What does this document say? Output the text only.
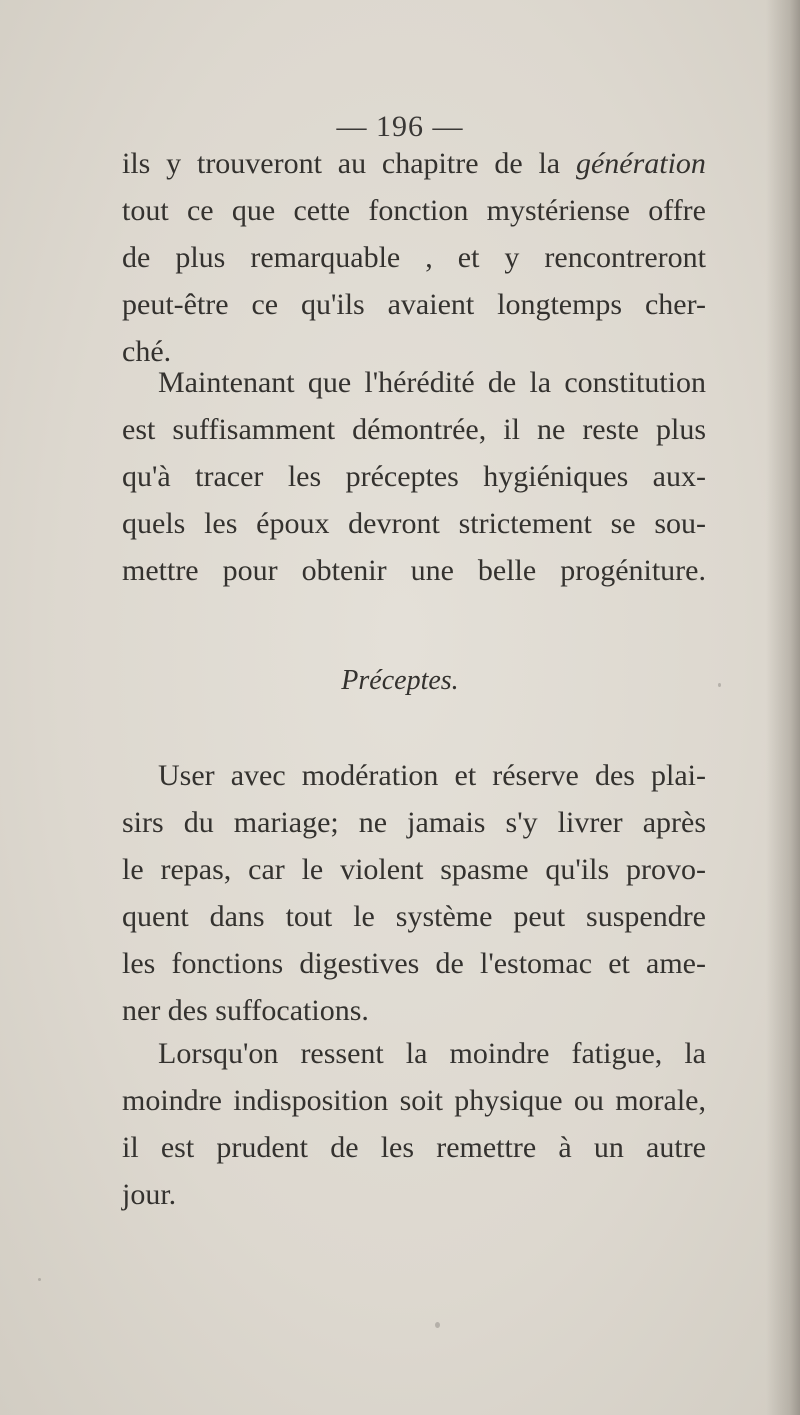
— 196 —
ils y trouveront au chapitre de la génération
tout ce que cette fonction mystériense offre
de plus remarquable , et y rencontreront
peut-être ce qu'ils avaient longtemps cher-
ché.
Maintenant que l'hérédité de la constitution
est suffisamment démontrée, il ne reste plus
qu'à tracer les préceptes hygiéniques aux-
quels les époux devront strictement se sou-
mettre pour obtenir une belle progéniture.
Préceptes.
User avec modération et réserve des plai-
sirs du mariage; ne jamais s'y livrer après
le repas, car le violent spasme qu'ils provo-
quent dans tout le système peut suspendre
les fonctions digestives de l'estomac et ame-
ner des suffocations.
Lorsqu'on ressent la moindre fatigue, la
moindre indisposition soit physique ou morale,
il est prudent de les remettre à un autre
jour.
